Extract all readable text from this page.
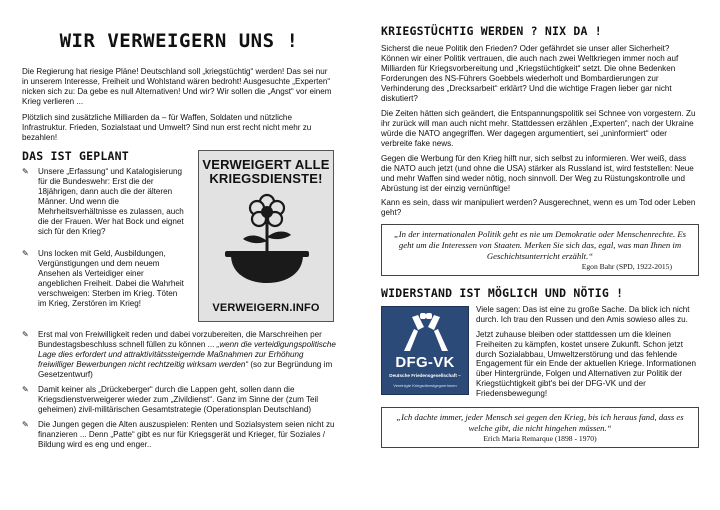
WIR VERWEIGERN UNS !

Die Regierung hat riesige Pläne! Deutschland soll „kriegstüchtig“ werden! Das sei nur in unserem Interesse, Freiheit und Wohlstand wären bedroht! Ausgesuchte „Experten“ nicken sich zu: Da gebe es null Alternativen! Und wir? Wir sollen die „Angst“ vor einem Krieg verlieren ...

Plötzlich sind zusätzliche Milliarden da – für Waffen, Soldaten und nützliche Infrastruktur. Frieden, Sozialstaat und Umwelt? Sind nun erst recht nicht mehr zu bezahlen!

DAS IST GEPLANT
✎	Unsere „Erfassung“ und Katalogisierung für die Bundeswehr: Erst die der 18jährigen, dann auch die der älteren Männer. Und wenn die Mehrheitsverhältnisse es zulassen, auch die der Frauen. Wer hat Bock und eignet sich für den Krieg?
✎	Uns locken mit Geld, Ausbildungen, Vergünstigungen und dem neuem Ansehen als Verteidiger einer angeblichen Freiheit. Dabei die Wahrheit verschweigen: Sterben im Krieg. Töten im Krieg, Zerstören im Krieg!
VERWEIGERT ALLE
KRIEGSDIENSTE!
VERWEIGERN.INFO
✎	Erst mal von Freiwilligkeit reden und dabei vorzubereiten, die Marschreihen per Bundestagsbeschluss schnell füllen zu können ... „wenn die verteidigungspolitische Lage dies erfordert und attraktivitätssteigernde Maßnahmen zur Erhöhung freiwilliger Bewerbungen nicht rechtzeitig wirksam werden“ (so zur Begründung im Gesetzentwurf)
✎	Damit keiner als „Drückeberger“ durch die Lappen geht, sollen dann die Kriegsdienstverweigerer wieder zum „Zivildienst“. Ganz im Sinne der (zum Teil geheimen) zivil-militärischen Gesamtstrategie (Operationsplan Deutschland)
✎	Die Jungen gegen die Alten auszuspielen: Renten und Sozialsystem seien nicht zu finanzieren ... Denn „Patte“ gibt es nur für Kriegsgerät und Krieger, für Soziales / Bildung wird es eng und enger..
KRIEGSTÜCHTIG WERDEN ? NIX DA !

Sicherst die neue Politik den Frieden? Oder gefährdet sie unser aller Sicherheit? Können wir einer Politik vertrauen, die auch nach zwei Weltkriegen immer noch auf Milliarden für Kriegsvorbereitung und „Kriegstüchtigkeit“ setzt. Die ohne Bedenken Forderungen des NS-Führers Goebbels wiederholt und Bombardierungen zur Verhinderung des „Drecksarbeit“ erklärt? Und die wichtige Fragen lieber gar nicht diskutiert?

Die Zeiten hätten sich geändert, die Entspannungspolitik sei Schnee von vorgestern. Zu ihr zurück will man auch nicht mehr. Stattdessen erzählen „Experten“, nach der Ukraine würde die NATO angegriffen. Wer dagegen argumentiert, sei „uninformiert“ oder verbreite fake news.

Gegen die Werbung für den Krieg hilft nur, sich selbst zu informieren. Wer weiß, dass die NATO auch jetzt (und ohne die USA) stärker als Russland ist, wird feststellen: Neue und mehr Waffen sind weder nötig, noch sinnvoll. Der Weg zu Rüstungskontrolle und Abrüstung ist der einzig vernünftige!

Kann es sein, dass wir manipuliert werden? Ausgerechnet, wenn es um Tod oder Leben geht?

„In der internationalen Politik geht es nie um Demokratie oder Menschenrechte. Es geht um die Interessen von Staaten. Merken Sie sich das, egal, was man Ihnen im Geschichtsunterricht erzählt.“
Egon Bahr (SPD, 1922-2015)
WIDERSTAND IST MÖGLICH UND NÖTIG !
DFG-VK
Deutsche Friedensgesellschaft –
Vereinigte KriegsdienstgegnerInnen

Viele sagen: Das ist eine zu große Sache. Da blick ich nicht durch. Ich trau den Russen und den Amis sowieso alles zu.

Jetzt zuhause bleiben oder stattdessen um die kleinen Freiheiten zu kämpfen, kostet unsere Zukunft. Schon jetzt durch Sozialabbau, Umweltzerstörung und das fehlende Engagement für ein Ende der aktuellen Kriege. Informationen über Hintergründe, Folgen und Alternativen zur Politik der Kriegstüchtigkeit gibt's bei der DFG-VK und der Friedensbewegung!

„Ich dachte immer, jeder Mensch sei gegen den Krieg, bis ich heraus fand, dass es welche gibt, die nicht hingehen müssen.“
Erich Maria Remarque (1898 - 1970)
